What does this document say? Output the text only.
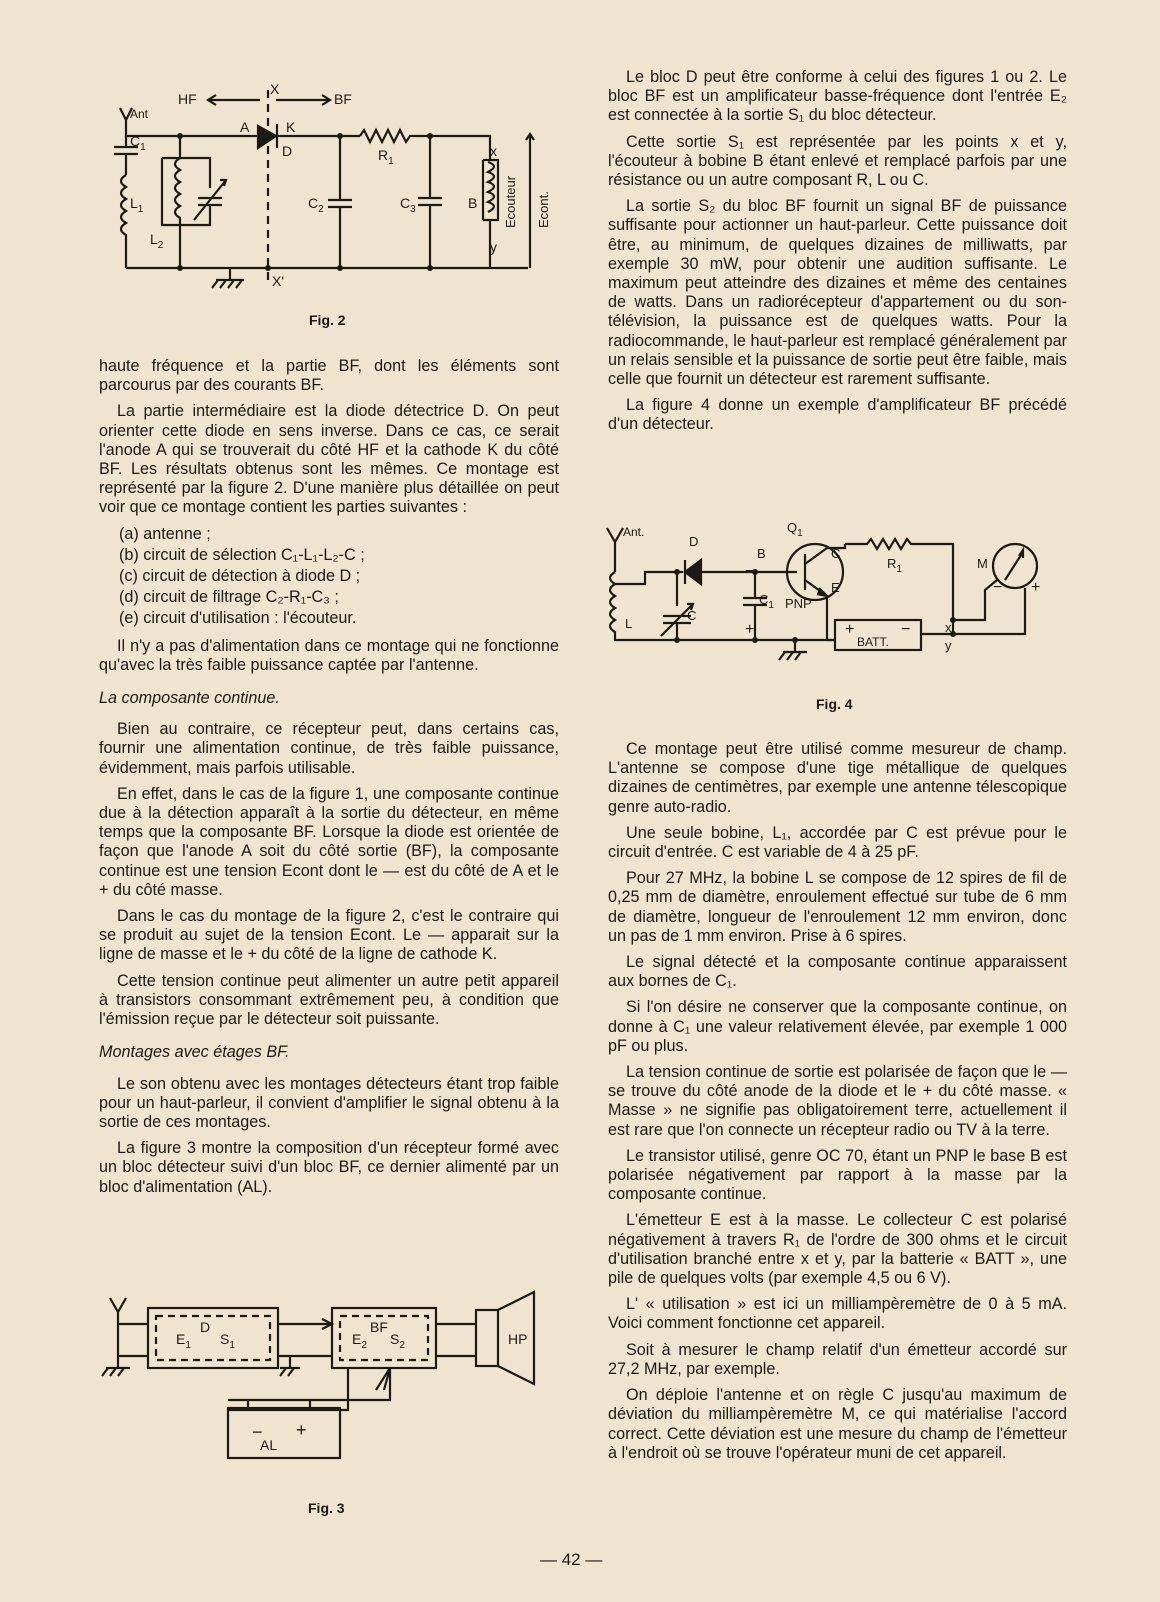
HF	BF
X
X'
Ant
A	K
D
$C_1$
$L_1$
$L_2$
$C_2$
$R_1$
$C_3$	B
x
y
Ecouteur Econt.
Fig. 2

haute fréquence et la partie BF, dont les éléments sont parcourus par des courants BF.

La partie intermédiaire est la diode détectrice D. On peut orienter cette diode en sens inverse. Dans ce cas, ce serait l'anode A qui se trouverait du côté HF et la cathode K du côté BF. Les résultats obtenus sont les mêmes. Ce montage est représenté par la figure 2. D'une manière plus détaillée on peut voir que ce montage contient les parties suivantes :

(a) antenne ;
(b) circuit de sélection C₁-L₁-L₂-C ;
(c) circuit de détection à diode D ;
(d) circuit de filtrage C₂-R₁-C₃ ;
(e) circuit d'utilisation : l'écouteur.

Il n'y a pas d'alimentation dans ce montage qui ne fonctionne qu'avec la très faible puissance captée par l'antenne.

La composante continue.

Bien au contraire, ce récepteur peut, dans certains cas, fournir une alimentation continue, de très faible puissance, évidemment, mais parfois utilisable.

En effet, dans le cas de la figure 1, une composante continue due à la détection apparaît à la sortie du détecteur, en même temps que la composante BF. Lorsque la diode est orientée de façon que l'anode A soit du côté sortie (BF), la composante continue est une tension Econt dont le — est du côté de A et le + du côté masse.

Dans le cas du montage de la figure 2, c'est le contraire qui se produit au sujet de la tension Econt. Le — apparait sur la ligne de masse et le + du côté de la ligne de cathode K.

Cette tension continue peut alimenter un autre petit appareil à transistors consommant extrêmement peu, à condition que l'émission reçue par le détecteur soit puissante.

Montages avec étages BF.

Le son obtenu avec les montages détecteurs étant trop faible pour un haut-parleur, il convient d'amplifier le signal obtenu à la sortie de ces montages.

La figure 3 montre la composition d'un récepteur formé avec un bloc détecteur suivi d'un bloc BF, ce dernier alimenté par un bloc d'alimentation (AL).

$E_1$
D
$S_1$
BF
$E_2$ $S_2$	HP
AL
− +
Fig. 3

Le bloc D peut être conforme à celui des figures 1 ou 2. Le bloc BF est un amplificateur basse-fréquence dont l'entrée E₂ est connectée à la sortie S₁ du bloc détecteur.

Cette sortie S₁ est représentée par les points x et y, l'écouteur à bobine B étant enlevé et remplacé parfois par une résistance ou un autre composant R, L ou C.

La sortie S₂ du bloc BF fournit un signal BF de puissance suffisante pour actionner un haut-parleur. Cette puissance doit être, au minimum, de quelques dizaines de milliwatts, par exemple 30 mW, pour obtenir une audition suffisante. Le maximum peut atteindre des dizaines et même des centaines de watts. Dans un radiorécepteur d'appartement ou du son-télévision, la puissance est de quelques watts. Pour la radiocommande, le haut-parleur est remplacé généralement par un relais sensible et la puissance de sortie peut être faible, mais celle que fournit un détecteur est rarement suffisante.

La figure 4 donne un exemple d'amplificateur BF précédé d'un détecteur.

Ant.
D
$Q_1$
B	C
E
PNP
$C_1$
C
L
$R_1$	M
BATT.
x
y
+	−
+
−
− +
Fig. 4

Ce montage peut être utilisé comme mesureur de champ. L'antenne se compose d'une tige métallique de quelques dizaines de centimètres, par exemple une antenne télescopique genre auto-radio.

Une seule bobine, L₁, accordée par C est prévue pour le circuit d'entrée. C est variable de 4 à 25 pF.

Pour 27 MHz, la bobine L se compose de 12 spires de fil de 0,25 mm de diamètre, enroulement effectué sur tube de 6 mm de diamètre, longueur de l'enroulement 12 mm environ, donc un pas de 1 mm environ. Prise à 6 spires.

Le signal détecté et la composante continue apparaissent aux bornes de C₁.

Si l'on désire ne conserver que la composante continue, on donne à C₁ une valeur relativement élevée, par exemple 1 000 pF ou plus.

La tension continue de sortie est polarisée de façon que le — se trouve du côté anode de la diode et le + du côté masse. « Masse » ne signifie pas obligatoirement terre, actuellement il est rare que l'on connecte un récepteur radio ou TV à la terre.

Le transistor utilisé, genre OC 70, étant un PNP le base B est polarisée négativement par rapport à la masse par la composante continue.

L'émetteur E est à la masse. Le collecteur C est polarisé négativement à travers R₁ de l'ordre de 300 ohms et le circuit d'utilisation branché entre x et y, par la batterie « BATT », une pile de quelques volts (par exemple 4,5 ou 6 V).

L' « utilisation » est ici un milliampèremètre de 0 à 5 mA. Voici comment fonctionne cet appareil.

Soit à mesurer le champ relatif d'un émetteur accordé sur 27,2 MHz, par exemple.

On déploie l'antenne et on règle C jusqu'au maximum de déviation du milliampèremètre M, ce qui matérialise l'accord correct. Cette déviation est une mesure du champ de l'émetteur à l'endroit où se trouve l'opérateur muni de cet appareil.

— 42 —
